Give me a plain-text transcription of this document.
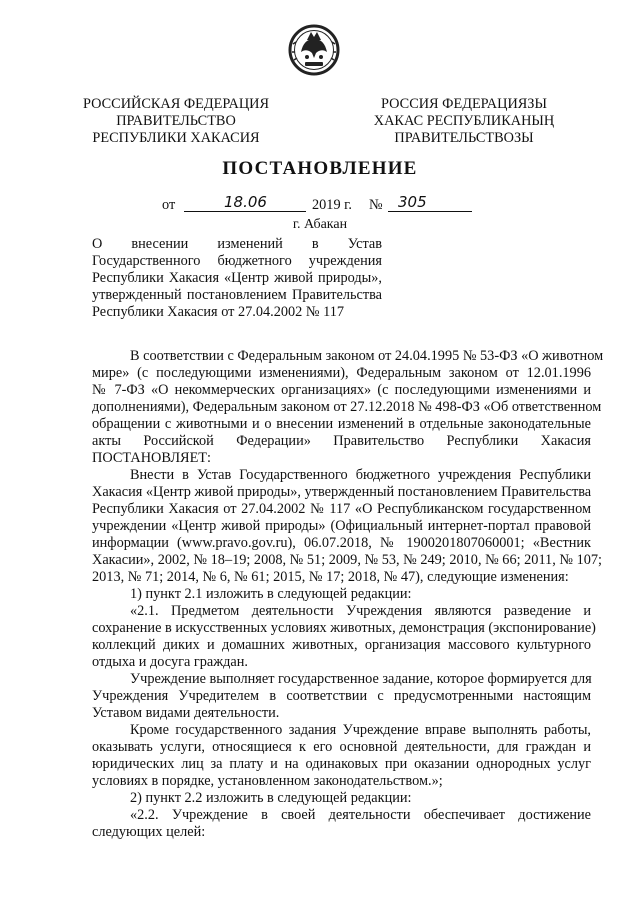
РОССИЙСКАЯ ФЕДЕРАЦИЯ
ПРАВИТЕЛЬСТВО
РЕСПУБЛИКИ ХАКАСИЯ
РОССИЯ ФЕДЕРАЦИЯЗЫ
ХАКАС РЕСПУБЛИКАНЫҢ
ПРАВИТЕЛЬСТВОЗЫ
ПОСТАНОВЛЕНИЕ
от	18.06	2019 г. № 305
г. Абакан
О внесении изменений в Устав
Государственного бюджетного учреждения
Республики Хакасия «Центр живой природы»,
утвержденный постановлением Правительства
Республики Хакасия от 27.04.2002 № 117
В соответствии с Федеральным законом от 24.04.1995 № 53-ФЗ «О животном
мире» (с последующими изменениями), Федеральным законом от 12.01.1996
№ 7-ФЗ «О некоммерческих организациях» (с последующими изменениями и
дополнениями), Федеральным законом от 27.12.2018 № 498-ФЗ «Об ответственном
обращении с животными и о внесении изменений в отдельные законодательные
акты Российской Федерации» Правительство Республики Хакасия
ПОСТАНОВЛЯЕТ:
Внести в Устав Государственного бюджетного учреждения Республики
Хакасия «Центр живой природы», утвержденный постановлением Правительства
Республики Хакасия от 27.04.2002 № 117 «О Республиканском государственном
учреждении «Центр живой природы» (Официальный интернет-портал правовой
информации (www.pravo.gov.ru), 06.07.2018, № 1900201807060001; «Вестник
Хакасии», 2002, № 18–19; 2008, № 51; 2009, № 53, № 249; 2010, № 66; 2011, № 107;
2013, № 71; 2014, № 6, № 61; 2015, № 17; 2018, № 47), следующие изменения:
1) пункт 2.1 изложить в следующей редакции:
«2.1. Предметом деятельности Учреждения являются разведение и
сохранение в искусственных условиях животных, демонстрация (экспонирование)
коллекций диких и домашних животных, организация массового культурного
отдыха и досуга граждан.
Учреждение выполняет государственное задание, которое формируется для
Учреждения Учредителем в соответствии с предусмотренными настоящим
Уставом видами деятельности.
Кроме государственного задания Учреждение вправе выполнять работы,
оказывать услуги, относящиеся к его основной деятельности, для граждан и
юридических лиц за плату и на одинаковых при оказании однородных услуг
условиях в порядке, установленном законодательством.»;
2) пункт 2.2 изложить в следующей редакции:
«2.2. Учреждение в своей деятельности обеспечивает достижение
следующих целей:
